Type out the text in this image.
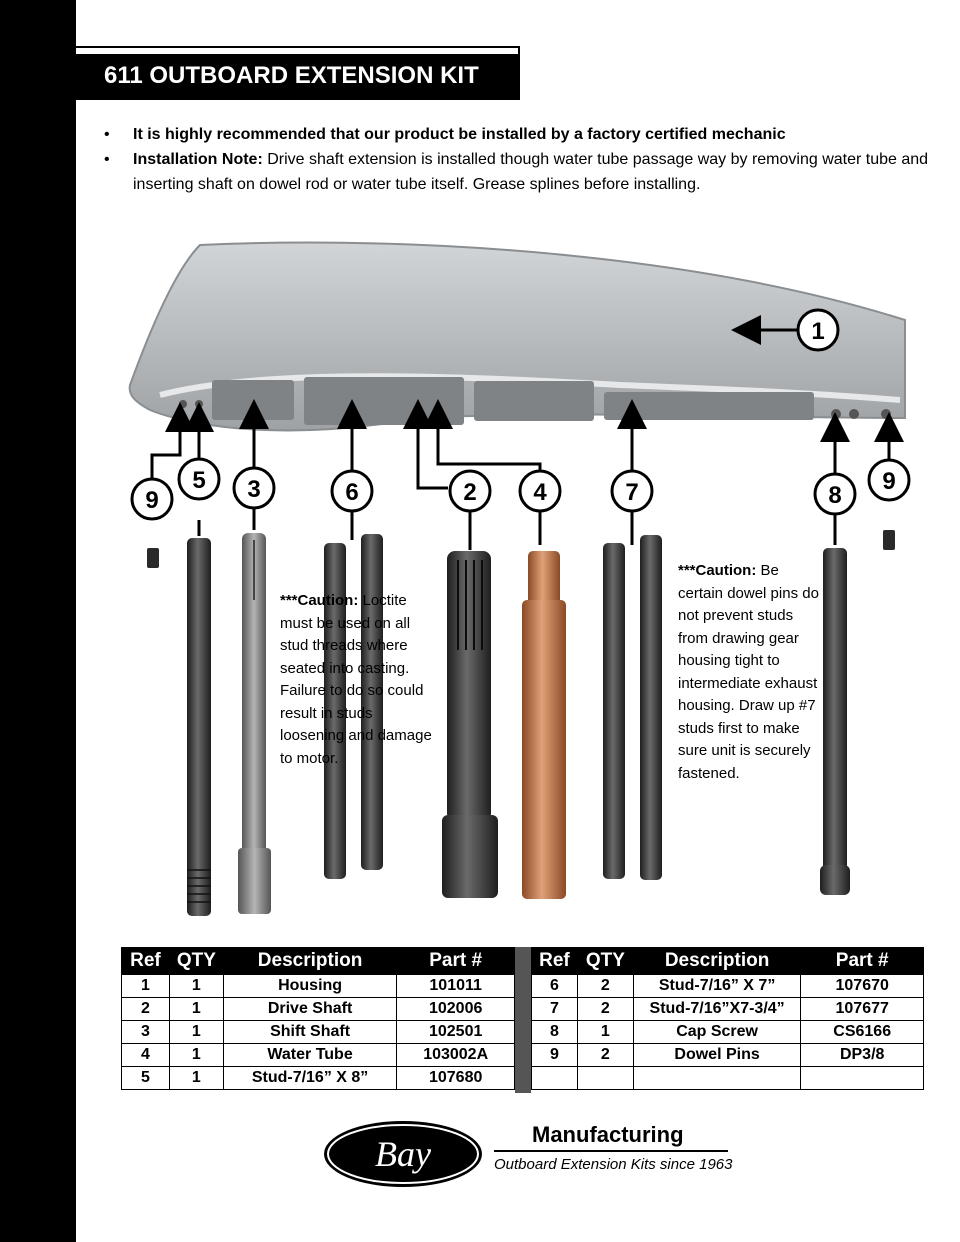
611 OUTBOARD EXTENSION KIT
• It is highly recommended that our product be installed by a factory certified mechanic
• Installation Note: Drive shaft extension is installed though water tube passage way by removing water tube and inserting shaft on dowel rod or water tube itself. Grease splines before installing.
1
9
5 3	6	2 4	7	8
9
***Caution: Loctite must be used on all stud threads where seated into casting. Failure to do so could result in studs loosening and damage to motor.
***Caution: Be certain dowel pins do not prevent studs from drawing gear housing tight to intermediate exhaust housing. Draw up #7 studs first to make sure unit is securely fastened.
Ref	QTY	Description	Part #
1	1	Housing	101011
2	1	Drive Shaft	102006
3	1	Shift Shaft	102501
4	1	Water Tube	103002A
5	1	Stud-7/16” X 8”	107680
Ref	QTY	Description	Part #
6	2	Stud-7/16” X 7”	107670
7	2	Stud-7/16”X7-3/4”	107677
8	1	Cap Screw	CS6166
9	2	Dowel Pins	DP3/8

Bay	Manufacturing
Outboard Extension Kits since 1963
